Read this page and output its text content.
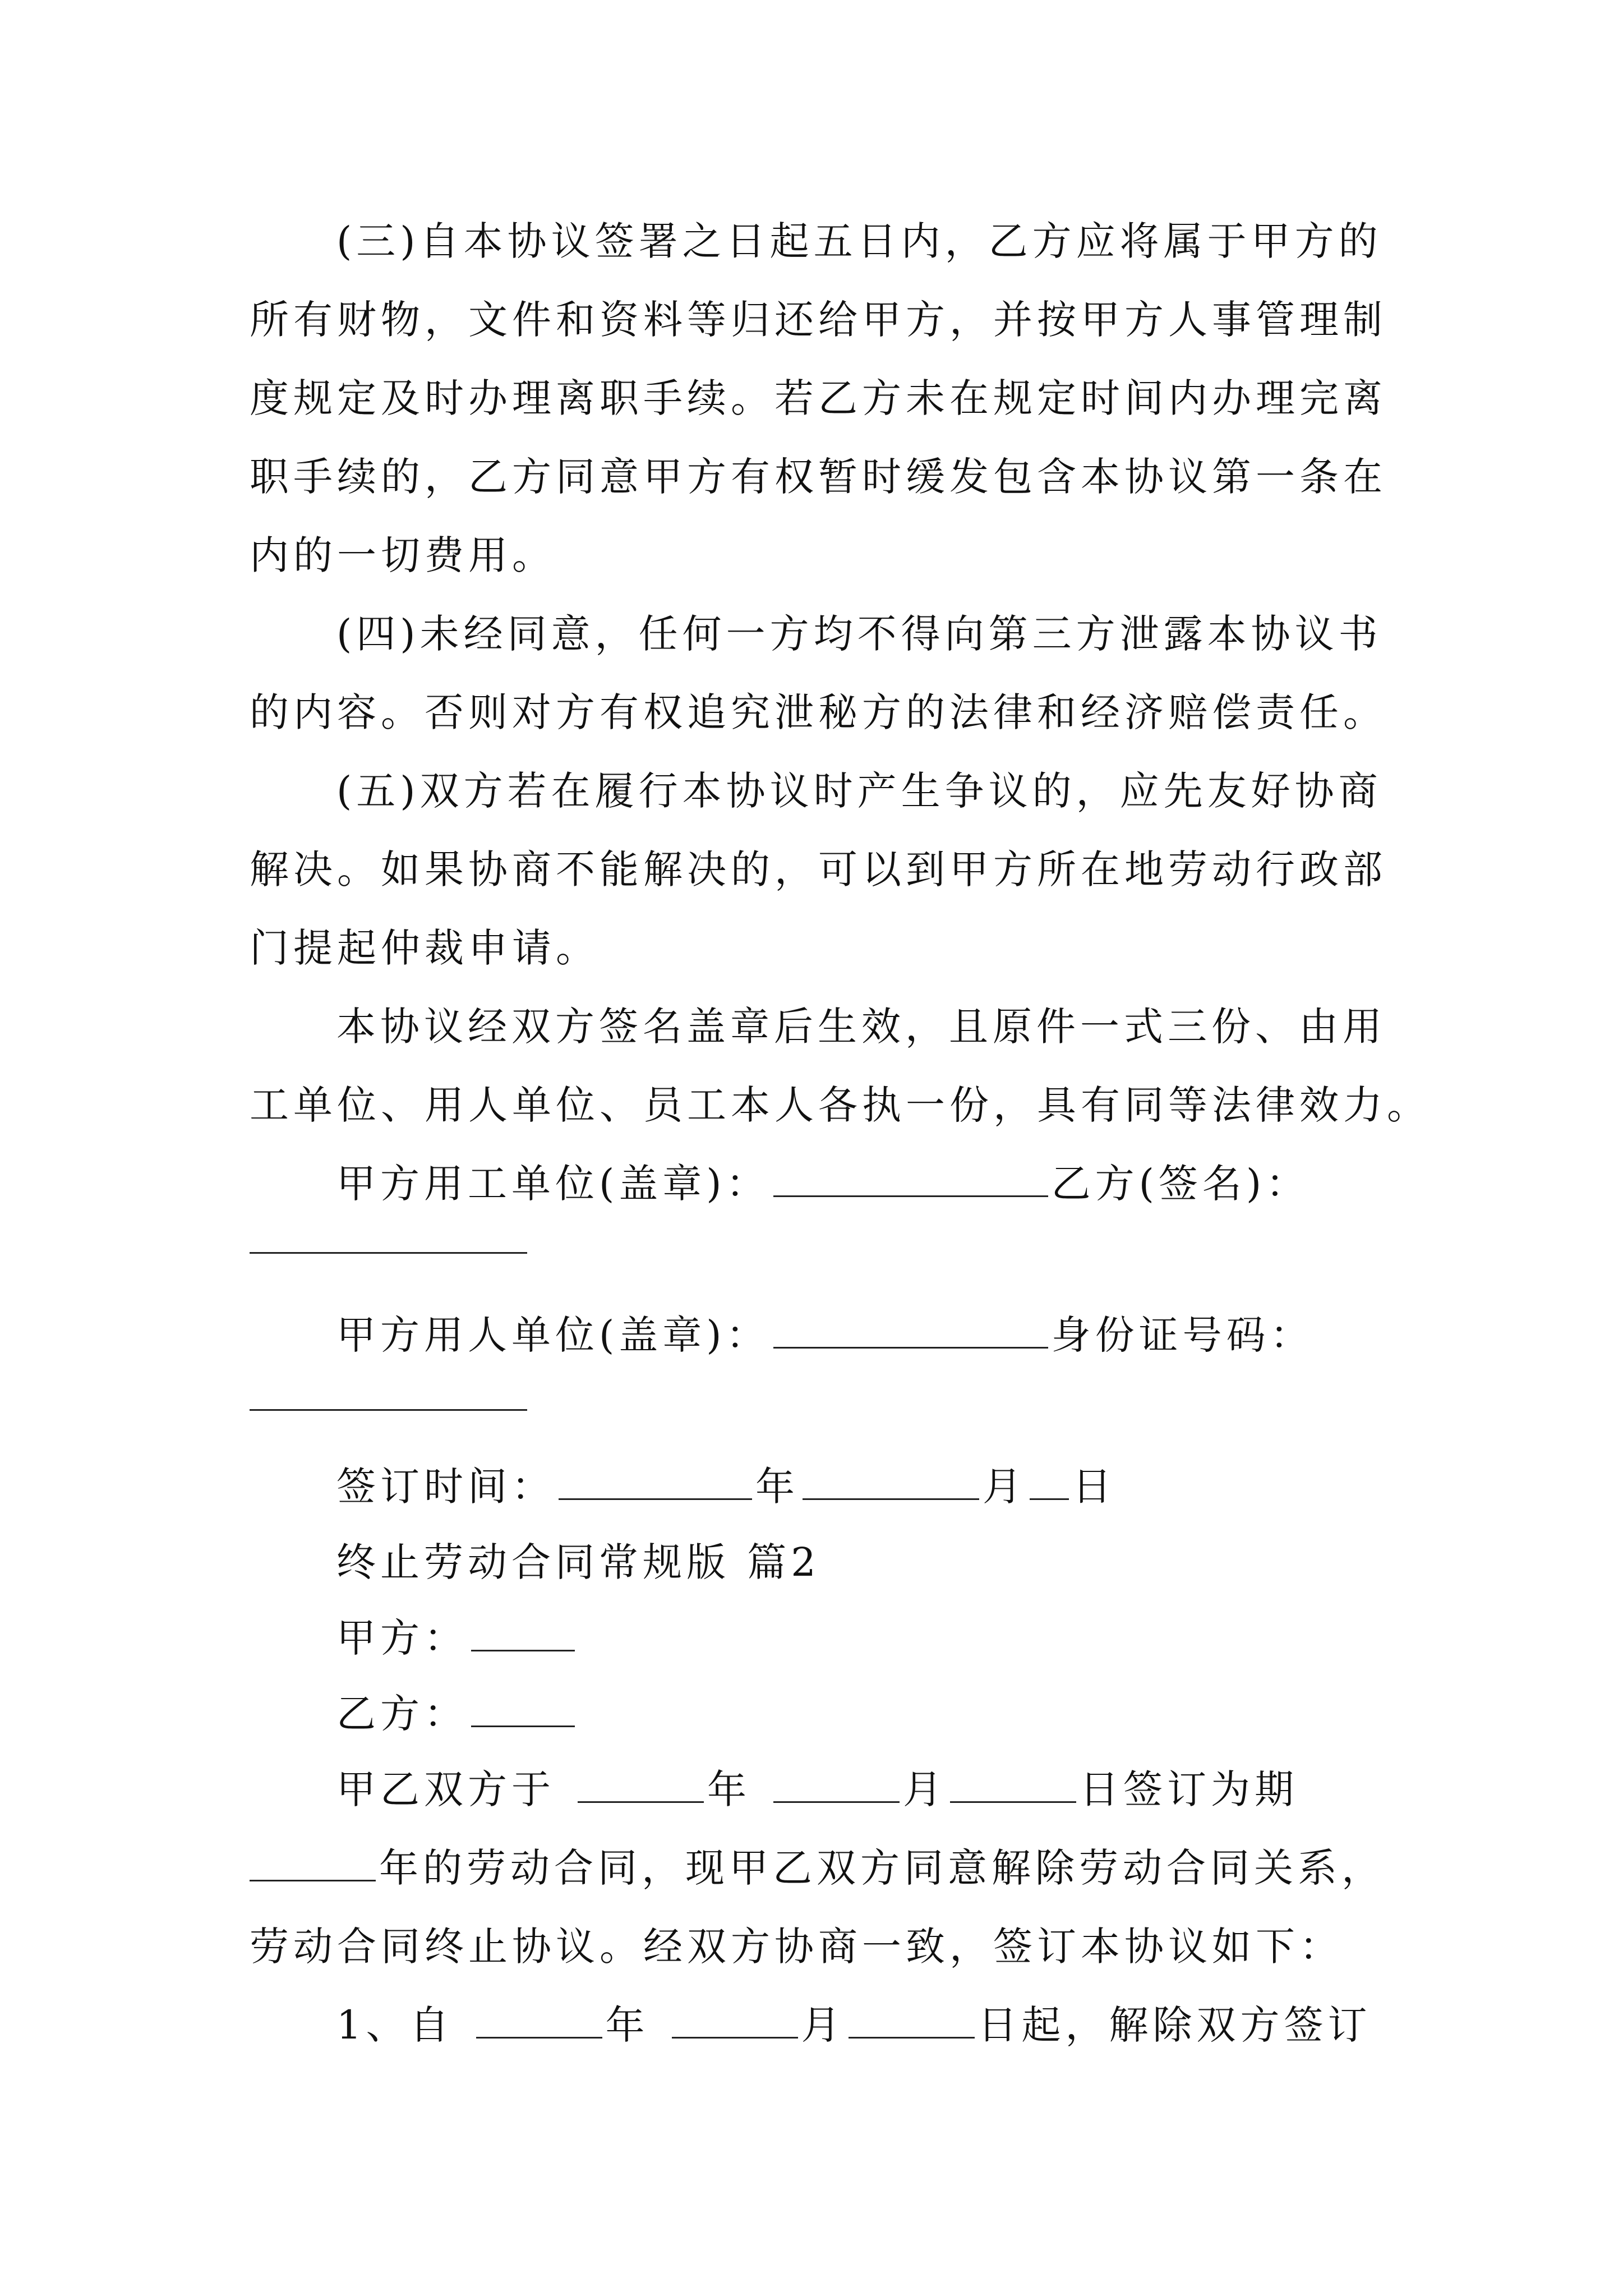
(三)自本协议签署之日起五日内，乙方应将属于甲方的
所有财物，文件和资料等归还给甲方，并按甲方人事管理制
度规定及时办理离职手续。若乙方未在规定时间内办理完离
职手续的，乙方同意甲方有权暂时缓发包含本协议第一条在
内的一切费用。
(四)未经同意，任何一方均不得向第三方泄露本协议书
的内容。否则对方有权追究泄秘方的法律和经济赔偿责任。
(五)双方若在履行本协议时产生争议的，应先友好协商
解决。如果协商不能解决的，可以到甲方所在地劳动行政部
门提起仲裁申请。
本协议经双方签名盖章后生效，且原件一式三份、由用
工单位、用人单位、员工本人各执一份，具有同等法律效力。
甲方用工单位(盖章)：	乙方(签名)：
甲方用人单位(盖章)：	身份证号码：
签订时间：	年	月 日
终止劳动合同常规版 篇2
甲方：
乙方：
甲乙双方于	年	月	日签订为期
年的劳动合同，现甲乙双方同意解除劳动合同关系，
劳动合同终止协议。经双方协商一致，签订本协议如下：
1、自	年	月	日起，解除双方签订
